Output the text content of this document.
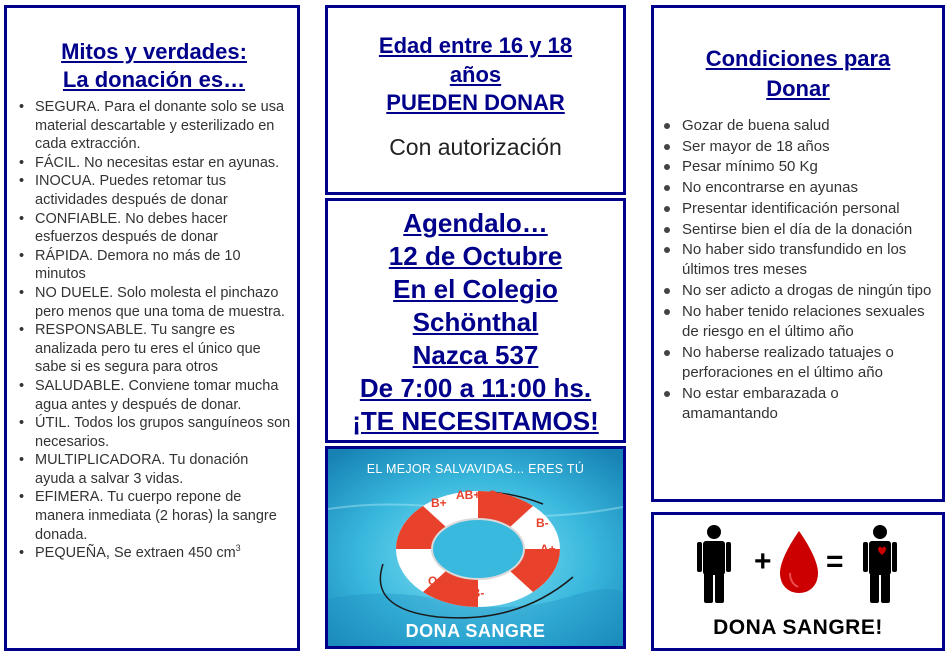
Mitos y verdades:
La donación es…
• SEGURA. Para el donante solo se usa material descartable y esterilizado en cada extracción.
• FÁCIL. No necesitas estar en ayunas.
• INOCUA. Puedes retomar tus actividades después de donar
• CONFIABLE. No debes hacer esfuerzos después de donar
• RÁPIDA. Demora no más de 10 minutos
• NO DUELE. Solo molesta el pinchazo pero menos que una toma de muestra.
• RESPONSABLE. Tu sangre es analizada pero tu eres el único que sabe si es segura para otros
• SALUDABLE. Conviene tomar mucha agua antes y después de donar.
• ÚTIL. Todos los grupos sanguíneos son necesarios.
• MULTIPLICADORA. Tu donación ayuda a salvar 3 vidas.
• EFIMERA. Tu cuerpo repone de manera inmediata (2 horas) la sangre donada.
• PEQUEÑA, Se extraen 450 $cm^3$
Edad entre 16 y 18
años
PUEDEN DONAR
Con autorización
Agendalo…
12 de Octubre
En el Colegio
Schönthal
Nazca 537
De 7:00 a 11:00 hs.
¡TE NECESITAMOS!
A-
B+
AB+ O+
B-
A+
AB-
O-
EL MEJOR SALVAVIDAS... ERES TÚ
DONA SANGRE
Condiciones para
Donar
Gozar de buena salud
Ser mayor de 18 años
Pesar mínimo 50 Kg
No encontrarse en ayunas
Presentar identificación personal
Sentirse bien el día de la donación
No haber sido transfundido en los últimos tres meses
No ser adicto a drogas de ningún tipo
No haber tenido relaciones sexuales de riesgo en el último año
No haberse realizado tatuajes o perforaciones en el último año
No estar embarazada o amamantando
+ =
DONA SANGRE!
